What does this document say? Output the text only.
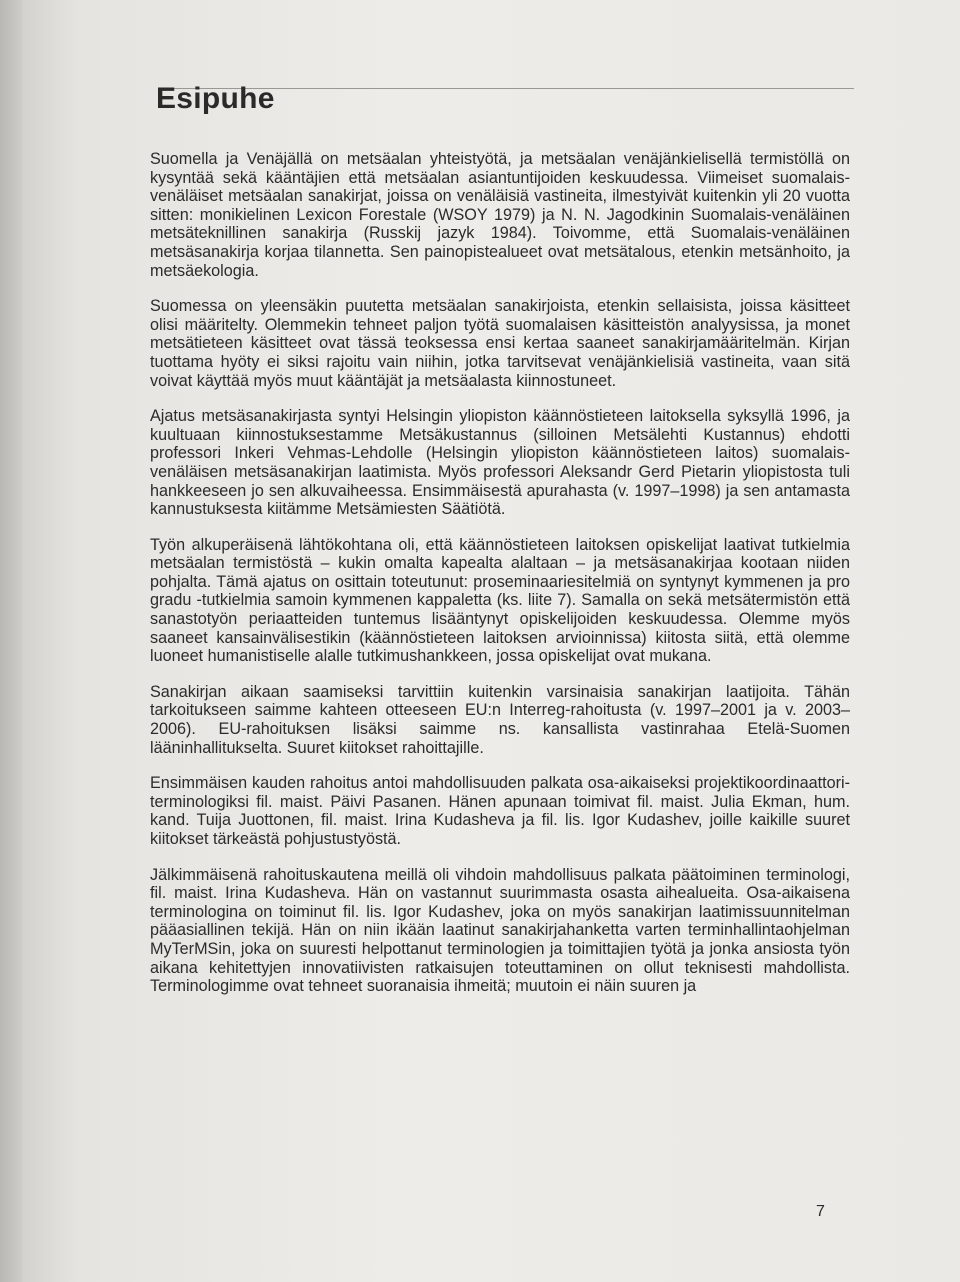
Esipuhe

Suomella ja Venäjällä on metsäalan yhteistyötä, ja metsäalan venäjänkielisellä termistöllä on kysyntää sekä kääntäjien että metsäalan asiantuntijoiden keskuudessa. Viimeiset suomalais-venäläiset metsäalan sanakirjat, joissa on venäläisiä vastineita, ilmestyivät kuitenkin yli 20 vuotta sitten: monikielinen Lexicon Forestale (WSOY 1979) ja N. N. Jagodkinin Suomalais-venäläinen metsäteknillinen sanakirja (Russkij jazyk 1984). Toivomme, että Suomalais-venäläinen metsäsanakirja korjaa tilannetta. Sen painopistealueet ovat metsätalous, etenkin metsänhoito, ja metsäekologia.

Suomessa on yleensäkin puutetta metsäalan sanakirjoista, etenkin sellaisista, joissa käsitteet olisi määritelty. Olemmekin tehneet paljon työtä suomalaisen käsitteistön analyysissa, ja monet metsätieteen käsitteet ovat tässä teoksessa ensi kertaa saaneet sanakirjamääritelmän. Kirjan tuottama hyöty ei siksi rajoitu vain niihin, jotka tarvitsevat venäjänkielisiä vastineita, vaan sitä voivat käyttää myös muut kääntäjät ja metsäalasta kiinnostuneet.

Ajatus metsäsanakirjasta syntyi Helsingin yliopiston käännöstieteen laitoksella syksyllä 1996, ja kuultuaan kiinnostuksestamme Metsäkustannus (silloinen Metsälehti Kustannus) ehdotti professori Inkeri Vehmas-Lehdolle (Helsingin yliopiston käännöstieteen laitos) suomalais-venäläisen metsäsanakirjan laatimista. Myös professori Aleksandr Gerd Pietarin yliopistosta tuli hankkeeseen jo sen alkuvaiheessa. Ensimmäisestä apurahasta (v. 1997–1998) ja sen antamasta kannustuksesta kiitämme Metsämiesten Säätiötä.

Työn alkuperäisenä lähtökohtana oli, että käännöstieteen laitoksen opiskelijat laativat tutkielmia metsäalan termistöstä – kukin omalta kapealta alaltaan – ja metsäsanakirjaa kootaan niiden pohjalta. Tämä ajatus on osittain toteutunut: proseminaariesitelmiä on syntynyt kymmenen ja pro gradu -tutkielmia samoin kymmenen kappaletta (ks. liite 7). Samalla on sekä metsätermistön että sanastotyön periaatteiden tuntemus lisääntynyt opiskelijoiden keskuudessa. Olemme myös saaneet kansainvälisestikin (käännöstieteen laitoksen arvioinnissa) kiitosta siitä, että olemme luoneet humanistiselle alalle tutkimushankkeen, jossa opiskelijat ovat mukana.

Sanakirjan aikaan saamiseksi tarvittiin kuitenkin varsinaisia sanakirjan laatijoita. Tähän tarkoitukseen saimme kahteen otteeseen EU:n Interreg-rahoitusta (v. 1997–2001 ja v. 2003–2006). EU-rahoituksen lisäksi saimme ns. kansallista vastinrahaa Etelä-Suomen lääninhallitukselta. Suuret kiitokset rahoittajille.

Ensimmäisen kauden rahoitus antoi mahdollisuuden palkata osa-aikaiseksi projektikoordinaattori-terminologiksi fil. maist. Päivi Pasanen. Hänen apunaan toimivat fil. maist. Julia Ekman, hum. kand. Tuija Juottonen, fil. maist. Irina Kudasheva ja fil. lis. Igor Kudashev, joille kaikille suuret kiitokset tärkeästä pohjustustyöstä.

Jälkimmäisenä rahoituskautena meillä oli vihdoin mahdollisuus palkata päätoiminen terminologi, fil. maist. Irina Kudasheva. Hän on vastannut suurimmasta osasta aihealueita. Osa-aikaisena terminologina on toiminut fil. lis. Igor Kudashev, joka on myös sanakirjan laatimissuunnitelman pääasiallinen tekijä. Hän on niin ikään laatinut sanakirjahanketta varten terminhallintaohjelman MyTerMSin, joka on suuresti helpottanut terminologien ja toimittajien työtä ja jonka ansiosta työn aikana kehitettyjen innovatiivisten ratkaisujen toteuttaminen on ollut teknisesti mahdollista. Terminologimme ovat tehneet suoranaisia ihmeitä; muutoin ei näin suuren ja

7
